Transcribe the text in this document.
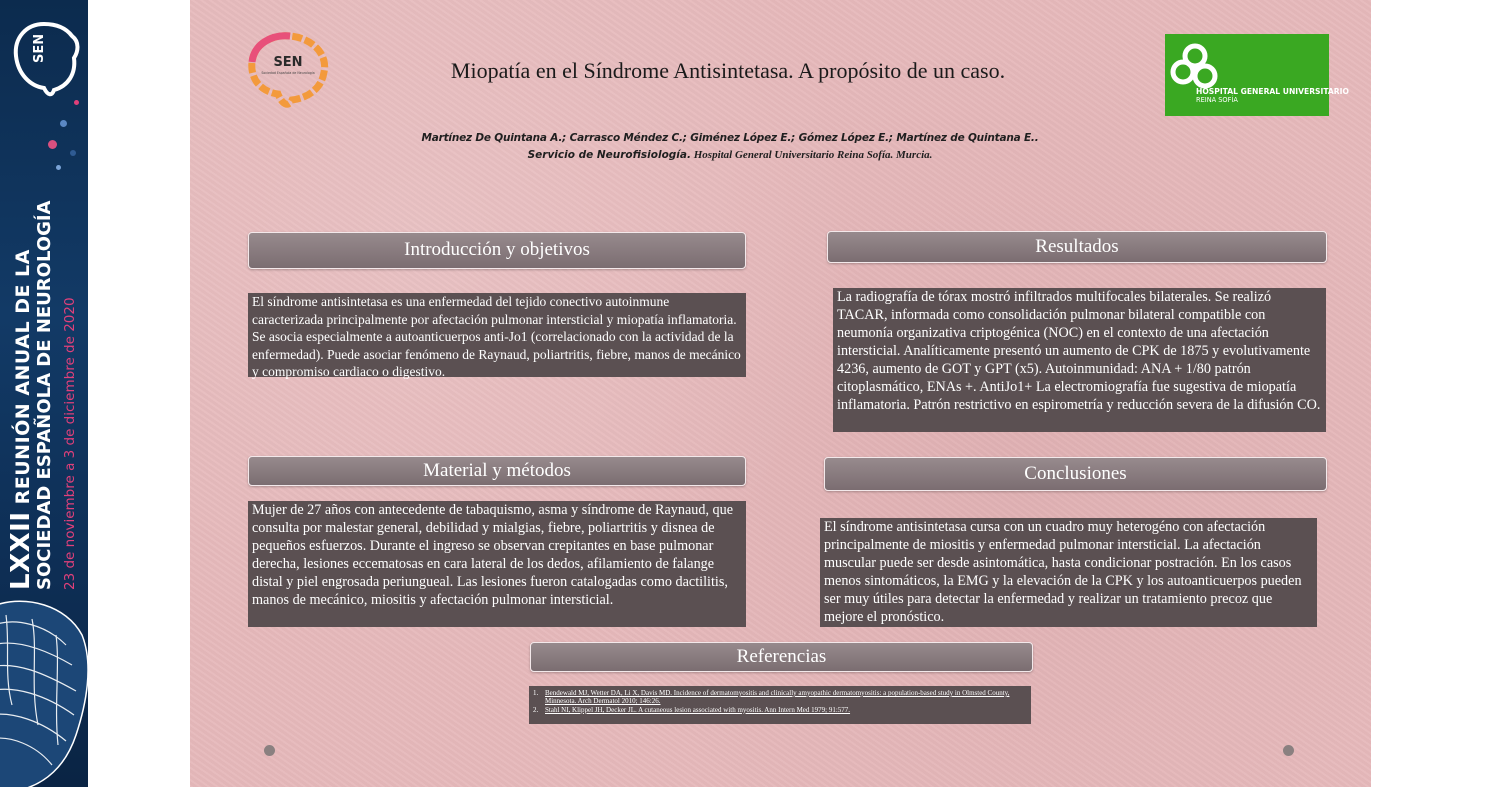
SEN
LXXII REUNIÓN ANUAL DE LA SOCIEDAD ESPAÑOLA DE NEUROLOGÍA 23 de noviembre a 3 de diciembre de 2020
SEN
Sociedad Española de Neurología	Miopatía en el Síndrome Antisintetasa. A propósito de un caso.
Martínez De Quintana A.; Carrasco Méndez C.; Giménez López E.; Gómez López E.; Martínez de Quintana E..
Servicio de Neurofisiología. Hospital General Universitario Reina Sofía. Murcia.
HOSPITAL GENERAL UNIVERSITARIO
REINA SOFÍA
Introducción y objetivos
El síndrome antisintetasa es una enfermedad del tejido conectivo autoinmune caracterizada principalmente por afectación pulmonar intersticial y miopatía inflamatoria. Se asocia especialmente a autoanticuerpos anti-Jo1 (correlacionado con la actividad de la enfermedad). Puede asociar fenómeno de Raynaud, poliartritis, fiebre, manos de mecánico y compromiso cardiaco o digestivo.
Material y métodos
Mujer de 27 años con antecedente de tabaquismo, asma y síndrome de Raynaud, que consulta por malestar general, debilidad y mialgias, fiebre, poliartritis y disnea de pequeños esfuerzos. Durante el ingreso se observan crepitantes en base pulmonar derecha, lesiones eccematosas en cara lateral de los dedos, afilamiento de falange distal y piel engrosada periungueal. Las lesiones fueron catalogadas como dactilitis, manos de mecánico, miositis y afectación pulmonar intersticial.
Resultados
La radiografía de tórax mostró infiltrados multifocales bilaterales. Se realizó TACAR, informada como consolidación pulmonar bilateral compatible con neumonía organizativa criptogénica (NOC) en el contexto de una afectación intersticial. Analíticamente presentó un aumento de CPK de 1875 y evolutivamente 4236, aumento de GOT y GPT (x5). Autoinmunidad: ANA + 1/80 patrón citoplasmático, ENAs +. AntiJo1+ La electromiografía fue sugestiva de miopatía inflamatoria. Patrón restrictivo en espirometría y reducción severa de la difusión CO.
Conclusiones
El síndrome antisintetasa cursa con un cuadro muy heterogéno con afectación principalmente de miositis y enfermedad pulmonar intersticial. La afectación muscular puede ser desde asintomática, hasta condicionar postración. En los casos menos sintomáticos, la EMG y la elevación de la CPK y los autoanticuerpos pueden ser muy útiles para detectar la enfermedad y realizar un tratamiento precoz que mejore el pronóstico.
Referencias
1. Bendewald MJ, Wetter DA, Li X, Davis MD. Incidence of dermatomyositis and clinically amyopathic dermatomyositis: a population-based study in Olmsted County, Minnesota. Arch Dermatol 2010; 146:26.
2. Stahl NI, Klippel JH, Decker JL. A cutaneous lesion associated with myositis. Ann Intern Med 1979; 91:577.
